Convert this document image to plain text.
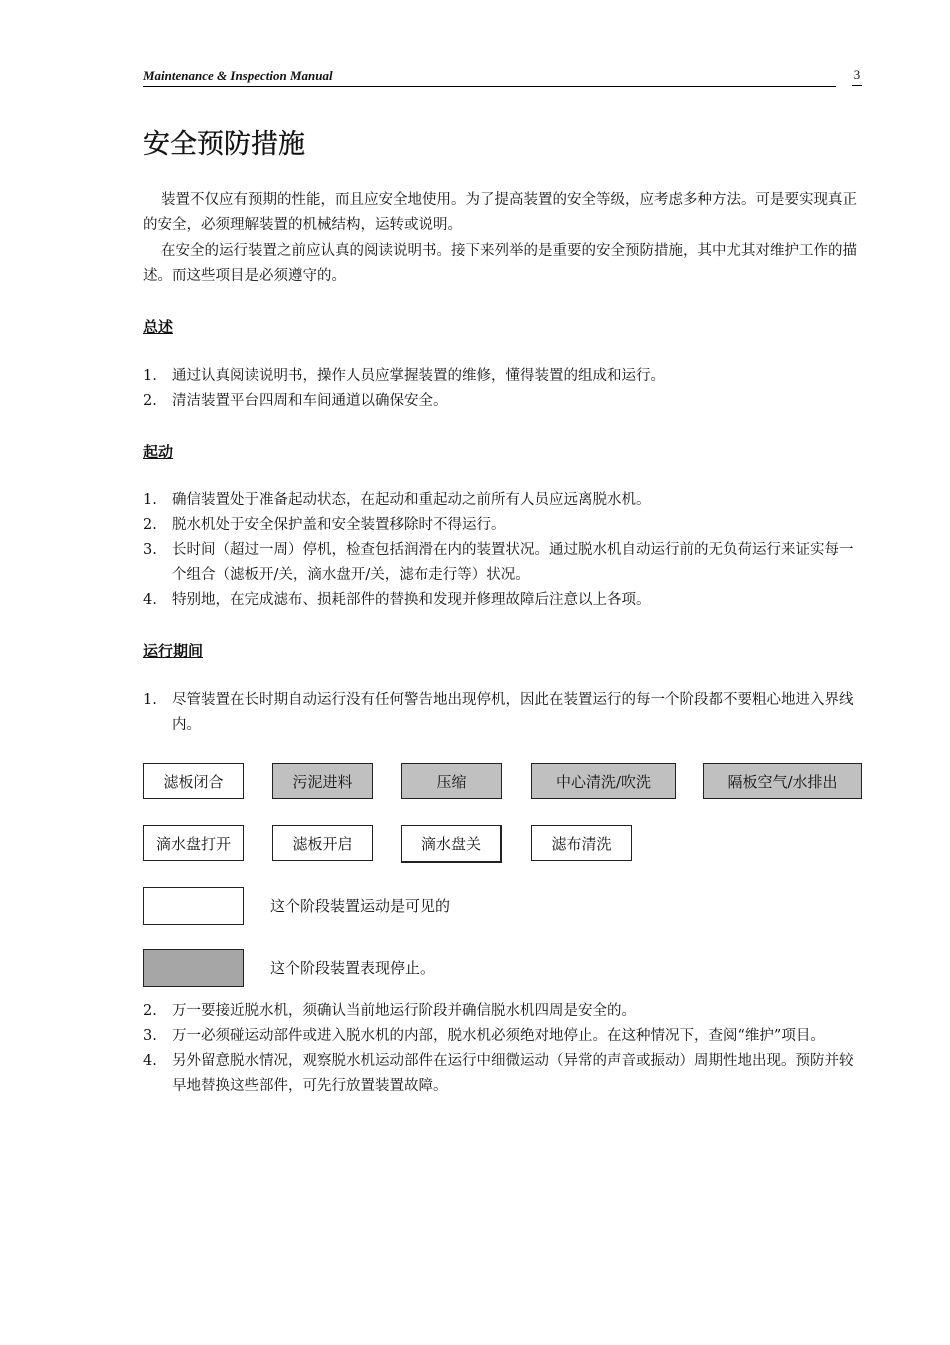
Maintenance & Inspection Manual	3
安全预防措施

装置不仅应有预期的性能，而且应安全地使用。为了提高装置的安全等级，应考虑多种方法。可是要实现真正的安全，必须理解装置的机械结构，运转或说明。

在安全的运行装置之前应认真的阅读说明书。接下来列举的是重要的安全预防措施，其中尤其对维护工作的描述。而这些项目是必须遵守的。

总述
1. 通过认真阅读说明书，操作人员应掌握装置的维修，懂得装置的组成和运行。
2. 清洁装置平台四周和车间通道以确保安全。
起动
1. 确信装置处于准备起动状态，在起动和重起动之前所有人员应远离脱水机。
2. 脱水机处于安全保护盖和安全装置移除时不得运行。
3. 长时间（超过一周）停机，检查包括润滑在内的装置状况。通过脱水机自动运行前的无负荷运行来证实每一个组合（滤板开/关，滴水盘开/关，滤布走行等）状况。
4. 特别地，在完成滤布、损耗部件的替换和发现并修理故障后注意以上各项。
运行期间
1. 尽管装置在长时期自动运行没有任何警告地出现停机，因此在装置运行的每一个阶段都不要粗心地进入界线内。
滤板闭合	污泥进料	压缩	中心清洗/吹洗	隔板空气/水排出
滴水盘打开	滤板开启	滴水盘关	滤布清洗
这个阶段装置运动是可见的
这个阶段装置表现停止。
2. 万一要接近脱水机，须确认当前地运行阶段并确信脱水机四周是安全的。
3. 万一必须碰运动部件或进入脱水机的内部，脱水机必须绝对地停止。在这种情况下，查阅“维护”项目。
4. 另外留意脱水情况，观察脱水机运动部件在运行中细微运动（异常的声音或振动）周期性地出现。预防并较早地替换这些部件，可先行放置装置故障。
